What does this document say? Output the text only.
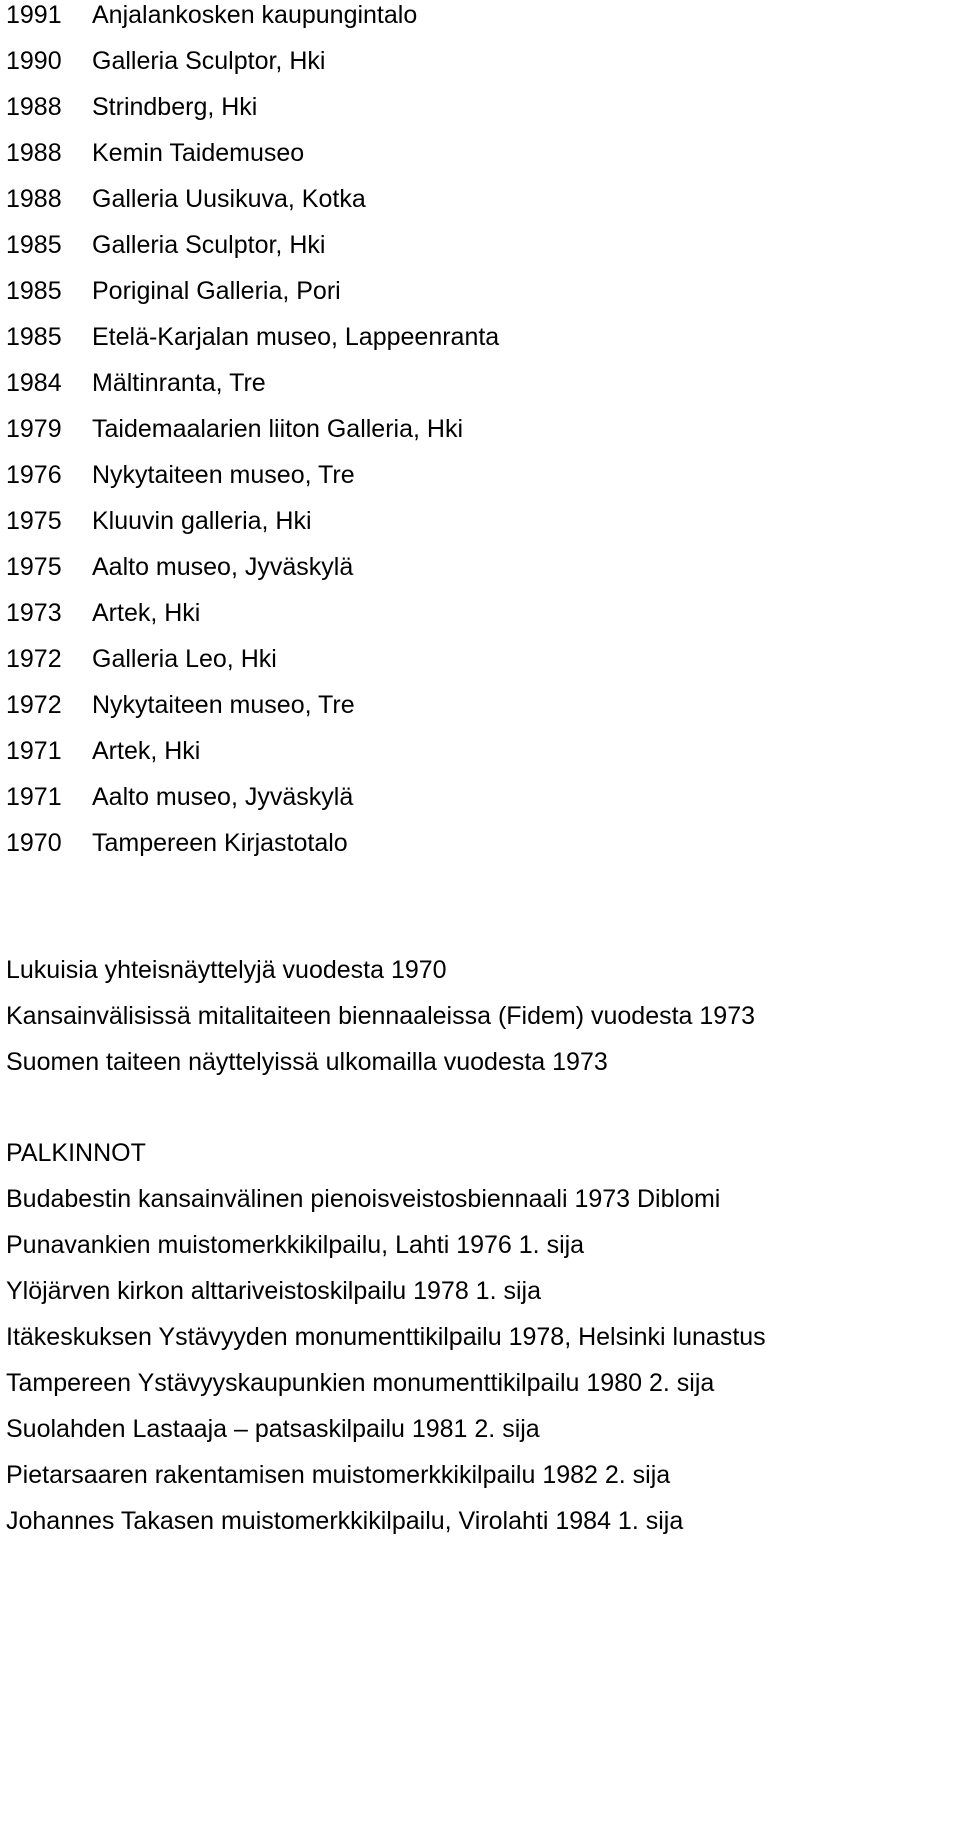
1991 Anjalankosken kaupungintalo
1990 Galleria Sculptor, Hki
1988 Strindberg, Hki
1988 Kemin Taidemuseo
1988 Galleria Uusikuva, Kotka
1985 Galleria Sculptor, Hki
1985 Poriginal Galleria, Pori
1985 Etelä-Karjalan museo, Lappeenranta
1984 Mältinranta, Tre
1979 Taidemaalarien liiton Galleria, Hki
1976 Nykytaiteen museo, Tre
1975 Kluuvin galleria, Hki
1975 Aalto museo, Jyväskylä
1973 Artek, Hki
1972 Galleria Leo, Hki
1972 Nykytaiteen museo, Tre
1971 Artek, Hki
1971 Aalto museo, Jyväskylä
1970 Tampereen Kirjastotalo
Lukuisia yhteisnäyttelyjä vuodesta 1970
Kansainvälisissä mitalitaiteen biennaaleissa (Fidem) vuodesta 1973
Suomen taiteen näyttelyissä ulkomailla vuodesta 1973
PALKINNOT
Budabestin kansainvälinen pienoisveistosbiennaali 1973 Diblomi
Punavankien muistomerkkikilpailu, Lahti 1976 1. sija
Ylöjärven kirkon alttariveistoskilpailu 1978 1. sija
Itäkeskuksen Ystävyyden monumenttikilpailu 1978, Helsinki lunastus
Tampereen Ystävyyskaupunkien monumenttikilpailu 1980 2. sija
Suolahden Lastaaja – patsaskilpailu 1981 2. sija
Pietarsaaren rakentamisen muistomerkkikilpailu 1982 2. sija
Johannes Takasen muistomerkkikilpailu, Virolahti 1984 1. sija
